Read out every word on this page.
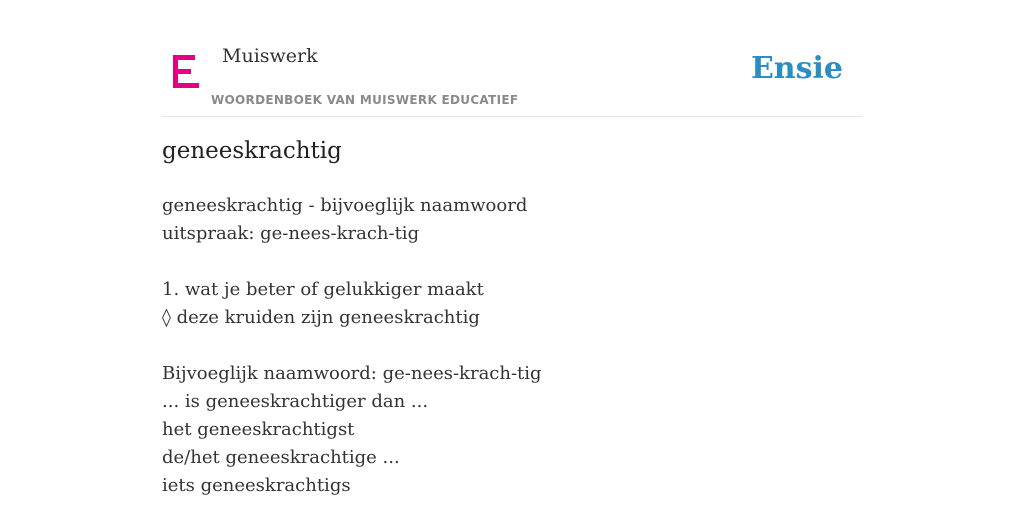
Muiswerk
WOORDENBOEK VAN MUISWERK EDUCATIEF
Ensie
geneeskrachtig
geneeskrachtig - bijvoeglijk naamwoord
uitspraak: ge-nees-krach-tig
1. wat je beter of gelukkiger maakt
◊ deze kruiden zijn geneeskrachtig
Bijvoeglijk naamwoord: ge-nees-krach-tig
... is geneeskrachtiger dan ...
het geneeskrachtigst
de/het geneeskrachtige ...
iets geneeskrachtigs
